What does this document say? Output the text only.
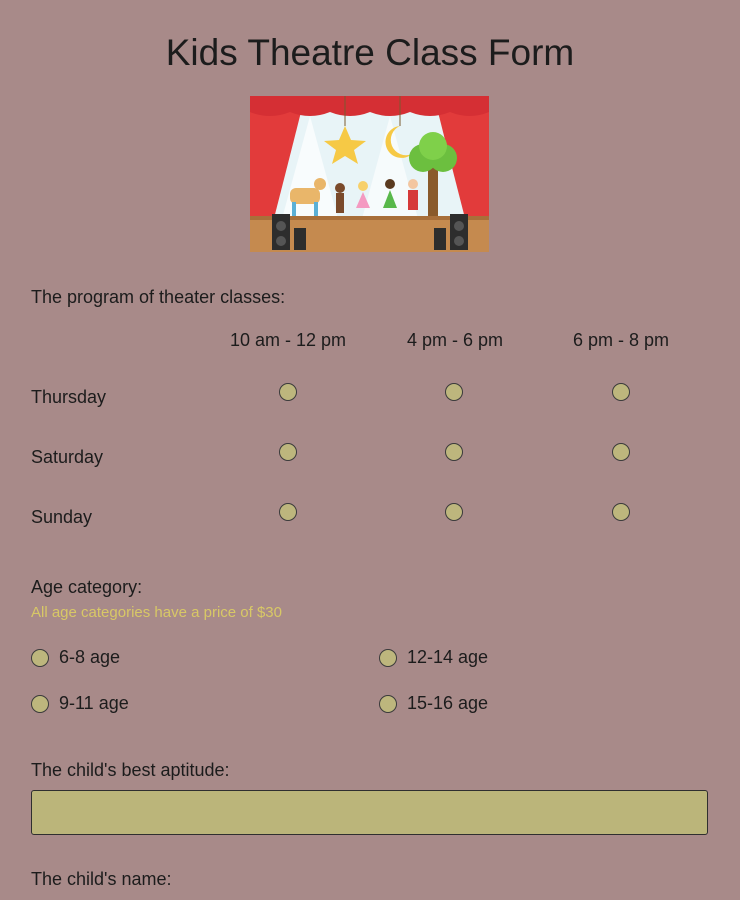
Kids Theatre Class Form
The program of theater classes:
10 am - 12 pm	4 pm - 6 pm	6 pm - 8 pm
Thursday
Saturday
Sunday
Age category:
All age categories have a price of $30
6-8 age	12-14 age
9-11 age	15-16 age
The child's best aptitude:
The child's name:
